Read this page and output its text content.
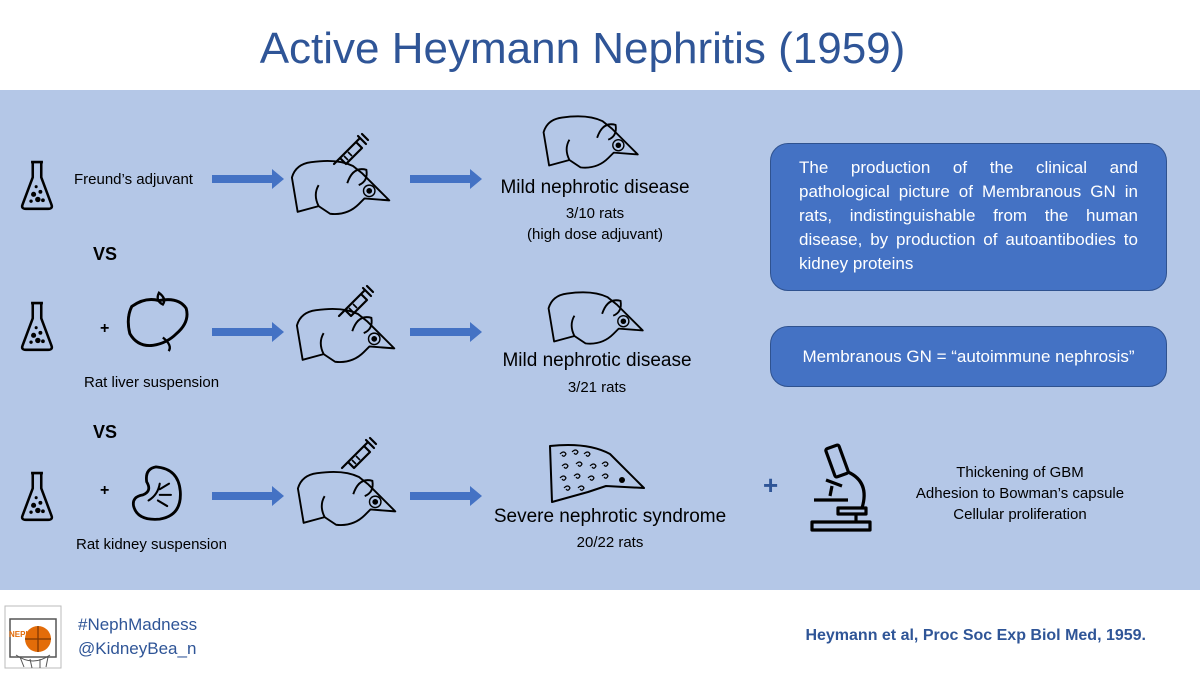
Active Heymann Nephritis (1959)
Freund’s adjuvant	Mild nephrotic disease
3/10 rats
(high dose adjuvant)
VS
+
Rat liver suspension
Mild nephrotic disease
3/21 rats
VS
+
Rat kidney suspension
Severe nephrotic syndrome
20/22 rats
+	Thickening of GBM
Adhesion to Bowman’s capsule
Cellular proliferation

The production of the clinical and pathological picture of Membranous GN in rats, indistinguishable from the human disease, by production of autoantibodies to kidney proteins

Membranous GN = “autoimmune nephrosis”

NEPH
#NephMadness
@KidneyBea_n
Heymann et al, Proc Soc Exp Biol Med, 1959.
